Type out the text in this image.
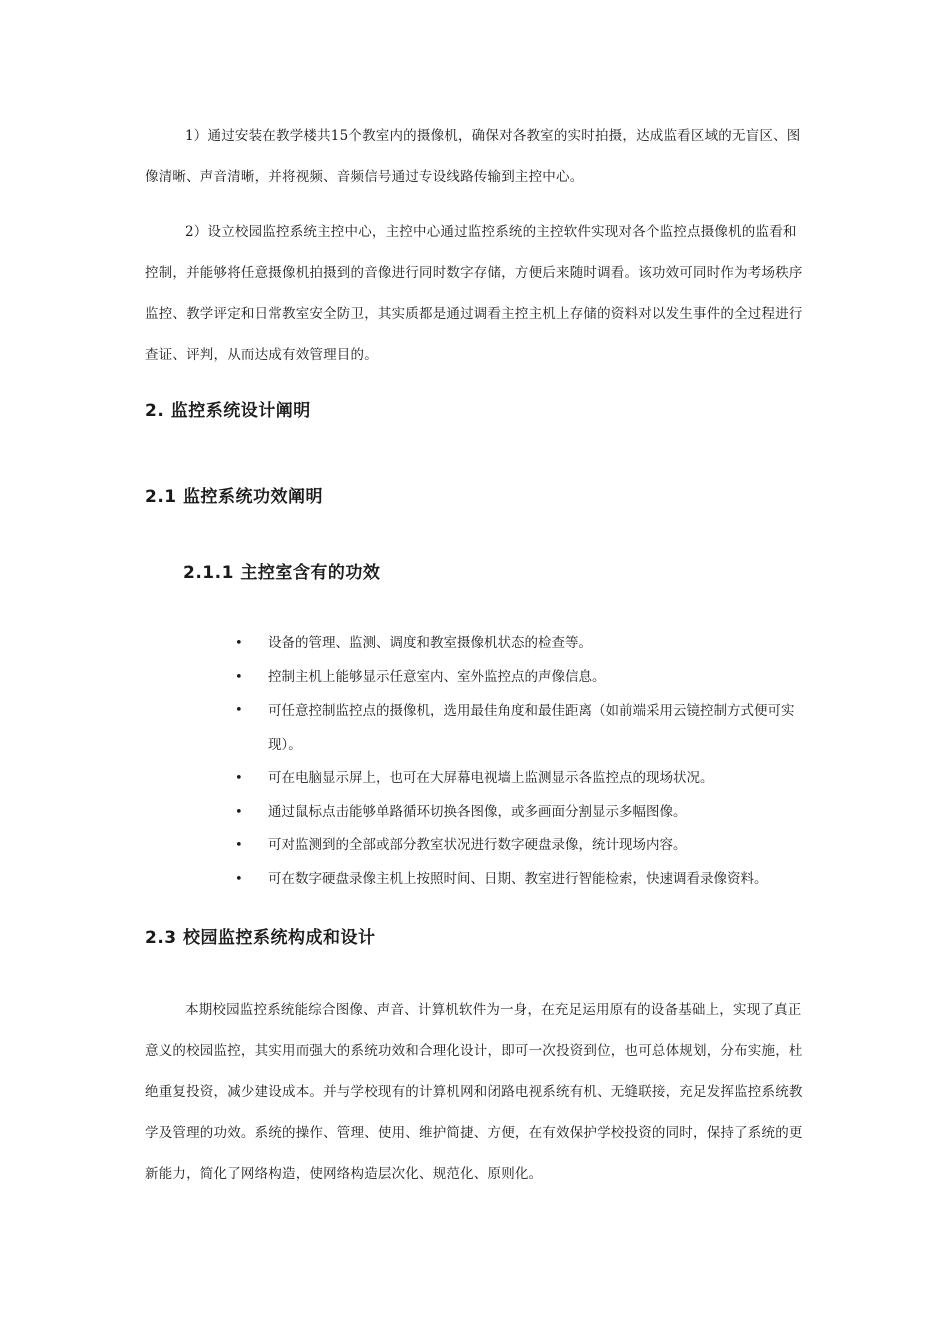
1）通过安装在教学楼共15个教室内的摄像机，确保对各教室的实时拍摄，达成监看区域的无盲区、图像清晰、声音清晰，并将视频、音频信号通过专设线路传输到主控中心。

2）设立校园监控系统主控中心，主控中心通过监控系统的主控软件实现对各个监控点摄像机的监看和控制，并能够将任意摄像机拍摄到的音像进行同时数字存储，方便后来随时调看。该功效可同时作为考场秩序监控、教学评定和日常教室安全防卫，其实质都是通过调看主控主机上存储的资料对以发生事件的全过程进行查证、评判，从而达成有效管理目的。

2. 监控系统设计阐明
2.1 监控系统功效阐明
2.1.1 主控室含有的功效
• 设备的管理、监测、调度和教室摄像机状态的检查等。
• 控制主机上能够显示任意室内、室外监控点的声像信息。
• 可任意控制监控点的摄像机，选用最佳角度和最佳距离（如前端采用云镜控制方式便可实现）。
• 可在电脑显示屏上，也可在大屏幕电视墙上监测显示各监控点的现场状况。
• 通过鼠标点击能够单路循环切换各图像，或多画面分割显示多幅图像。
• 可对监测到的全部或部分教室状况进行数字硬盘录像，统计现场内容。
• 可在数字硬盘录像主机上按照时间、日期、教室进行智能检索，快速调看录像资料。
2.3 校园监控系统构成和设计

本期校园监控系统能综合图像、声音、计算机软件为一身，在充足运用原有的设备基础上，实现了真正意义的校园监控，其实用而强大的系统功效和合理化设计，即可一次投资到位，也可总体规划，分布实施，杜绝重复投资，减少建设成本。并与学校现有的计算机网和闭路电视系统有机、无缝联接，充足发挥监控系统教学及管理的功效。系统的操作、管理、使用、维护简捷、方便，在有效保护学校投资的同时，保持了系统的更新能力，简化了网络构造，使网络构造层次化、规范化、原则化。
